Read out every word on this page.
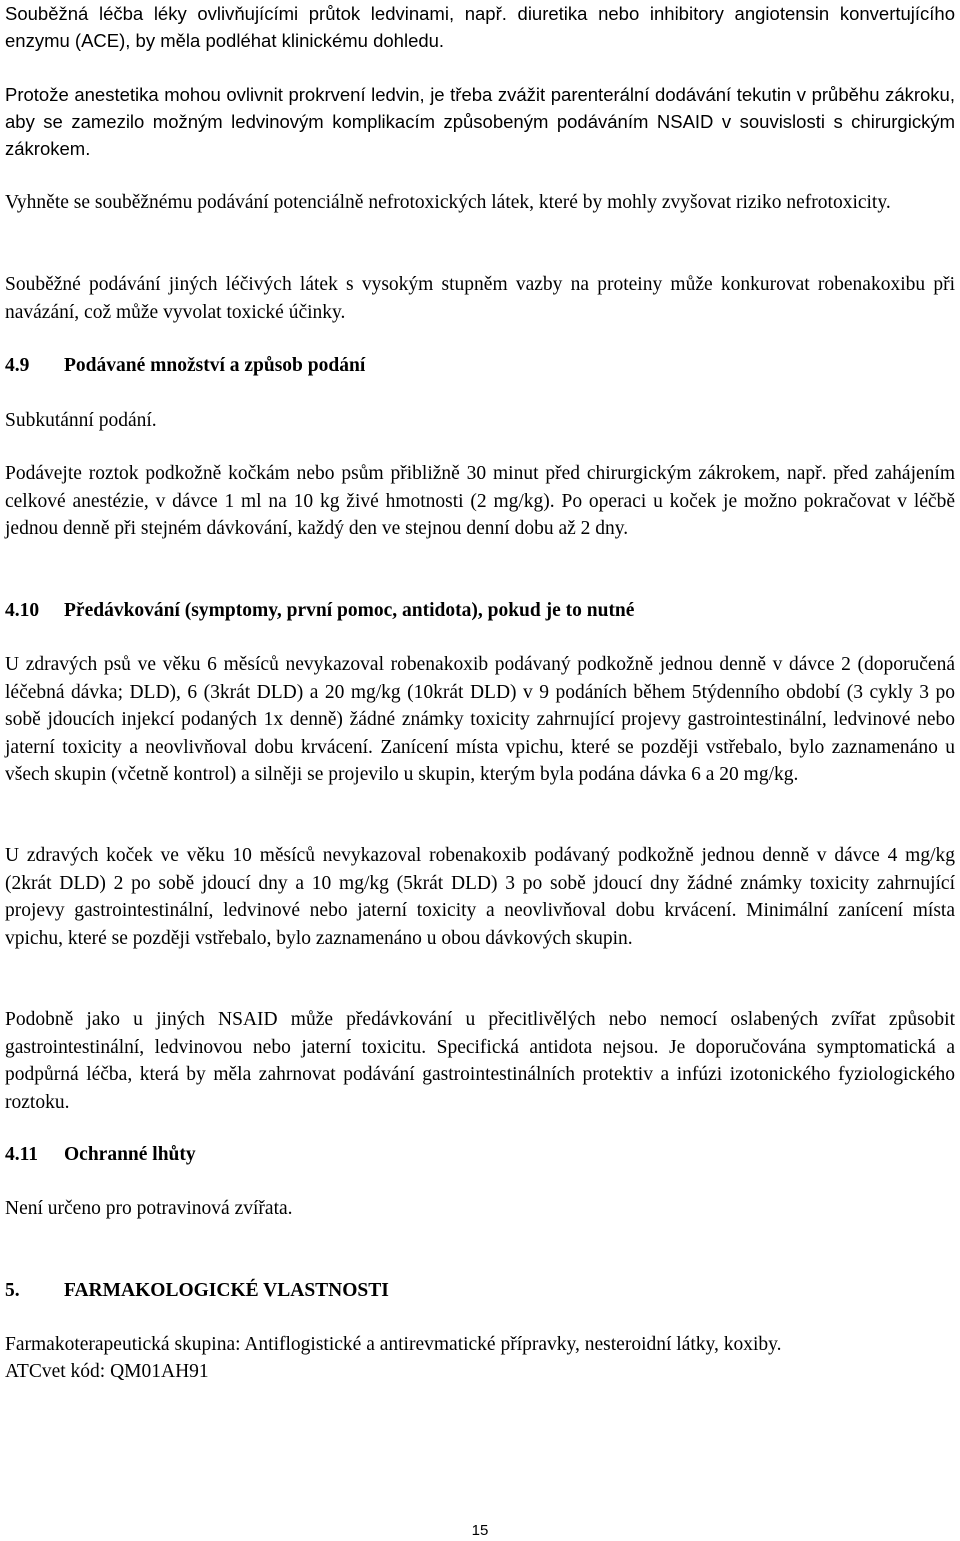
Souběžná léčba léky ovlivňujícími průtok ledvinami, např. diuretika nebo inhibitory angiotensin konvertujícího enzymu (ACE), by měla podléhat klinickému dohledu.

Protože anestetika mohou ovlivnit prokrvení ledvin, je třeba zvážit parenterální dodávání tekutin v průběhu zákroku, aby se zamezilo možným ledvinovým komplikacím způsobeným podáváním NSAID v souvislosti s chirurgickým zákrokem.

Vyhněte se souběžnému podávání potenciálně nefrotoxických látek, které by mohly zvyšovat riziko nefrotoxicity.

Souběžné podávání jiných léčivých látek s vysokým stupněm vazby na proteiny může konkurovat robenakoxibu při navázání, což může vyvolat toxické účinky.

4.9 Podávané množství a způsob podání

Subkutánní podání.

Podávejte roztok podkožně kočkám nebo psům přibližně 30 minut před chirurgickým zákrokem, např. před zahájením celkové anestézie, v dávce 1 ml na 10 kg živé hmotnosti (2 mg/kg). Po operaci u koček je možno pokračovat v léčbě jednou denně při stejném dávkování, každý den ve stejnou denní dobu až 2 dny.

4.10 Předávkování (symptomy, první pomoc, antidota), pokud je to nutné

U zdravých psů ve věku 6 měsíců nevykazoval robenakoxib podávaný podkožně jednou denně v dávce 2 (doporučená léčebná dávka; DLD), 6 (3krát DLD) a 20 mg/kg (10krát DLD) v 9 podáních během 5týdenního období (3 cykly 3 po sobě jdoucích injekcí podaných 1x denně) žádné známky toxicity zahrnující projevy gastrointestinální, ledvinové nebo jaterní toxicity a neovlivňoval dobu krvácení. Zanícení místa vpichu, které se později vstřebalo, bylo zaznamenáno u všech skupin (včetně kontrol) a silněji se projevilo u skupin, kterým byla podána dávka 6 a 20 mg/kg.

U zdravých koček ve věku 10 měsíců nevykazoval robenakoxib podávaný podkožně jednou denně v dávce 4 mg/kg (2krát DLD) 2 po sobě jdoucí dny a 10 mg/kg (5krát DLD) 3 po sobě jdoucí dny žádné známky toxicity zahrnující projevy gastrointestinální, ledvinové nebo jaterní toxicity a neovlivňoval dobu krvácení. Minimální zanícení místa vpichu, které se později vstřebalo, bylo zaznamenáno u obou dávkových skupin.

Podobně jako u jiných NSAID může předávkování u přecitlivělých nebo nemocí oslabených zvířat způsobit gastrointestinální, ledvinovou nebo jaterní toxicitu. Specifická antidota nejsou. Je doporučována symptomatická a podpůrná léčba, která by měla zahrnovat podávání gastrointestinálních protektiv a infúzi izotonického fyziologického roztoku.

4.11 Ochranné lhůty

Není určeno pro potravinová zvířata.

5. FARMAKOLOGICKÉ VLASTNOSTI

Farmakoterapeutická skupina: Antiflogistické a antirevmatické přípravky, nesteroidní látky, koxiby.

ATCvet kód: QM01AH91

15
